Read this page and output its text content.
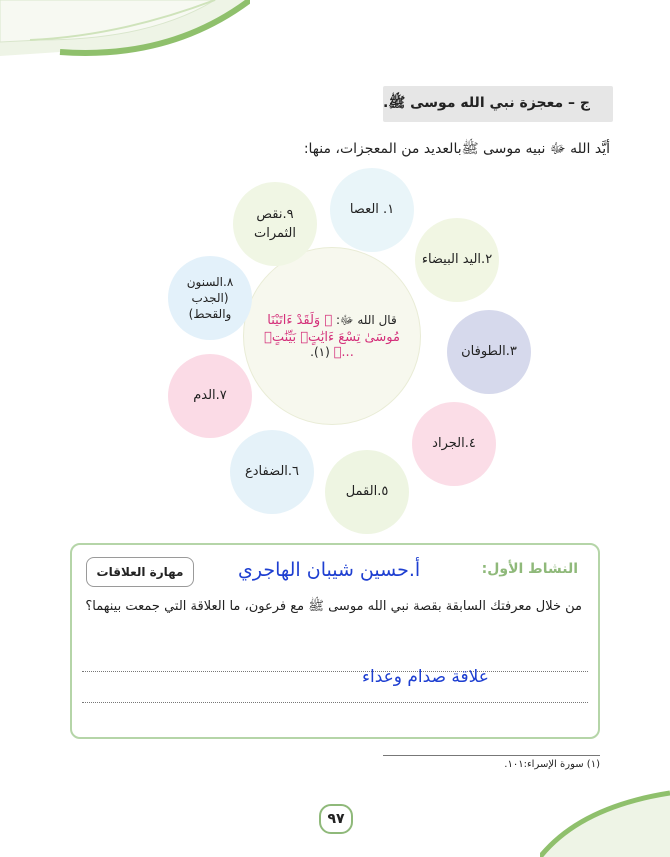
ج – معجزة نبي الله موسى ﷺ.
أيَّد الله ﷻ نبيه موسى ﷺبالعديد من المعجزات، منها:
قال الله ﷻ: ﴿ وَلَقَدْ ءَاتَيْنَا مُوسَىٰ تِسْعَ ءَايَٰتٍۭ بَيِّنَٰتٍۢ ...﴾ (١).
١. العصا
٢.اليد البيضاء
٣.الطوفان
٤.الجراد
٥.القمل
٦.الضفادع
٧.الدم
٨.السنون (الجدب والقحط)
٩.نقص الثمرات
النشاط الأول:
مهارة العلاقات	أ.حسين شيبان الهاجري
من خلال معرفتك السابقة بقصة نبي الله موسى ﷺ مع فرعون، ما العلاقة التي جمعت بينهما؟
علاقة صدام وعداء
(١) سورة الإسراء:١٠١.
٩٧
